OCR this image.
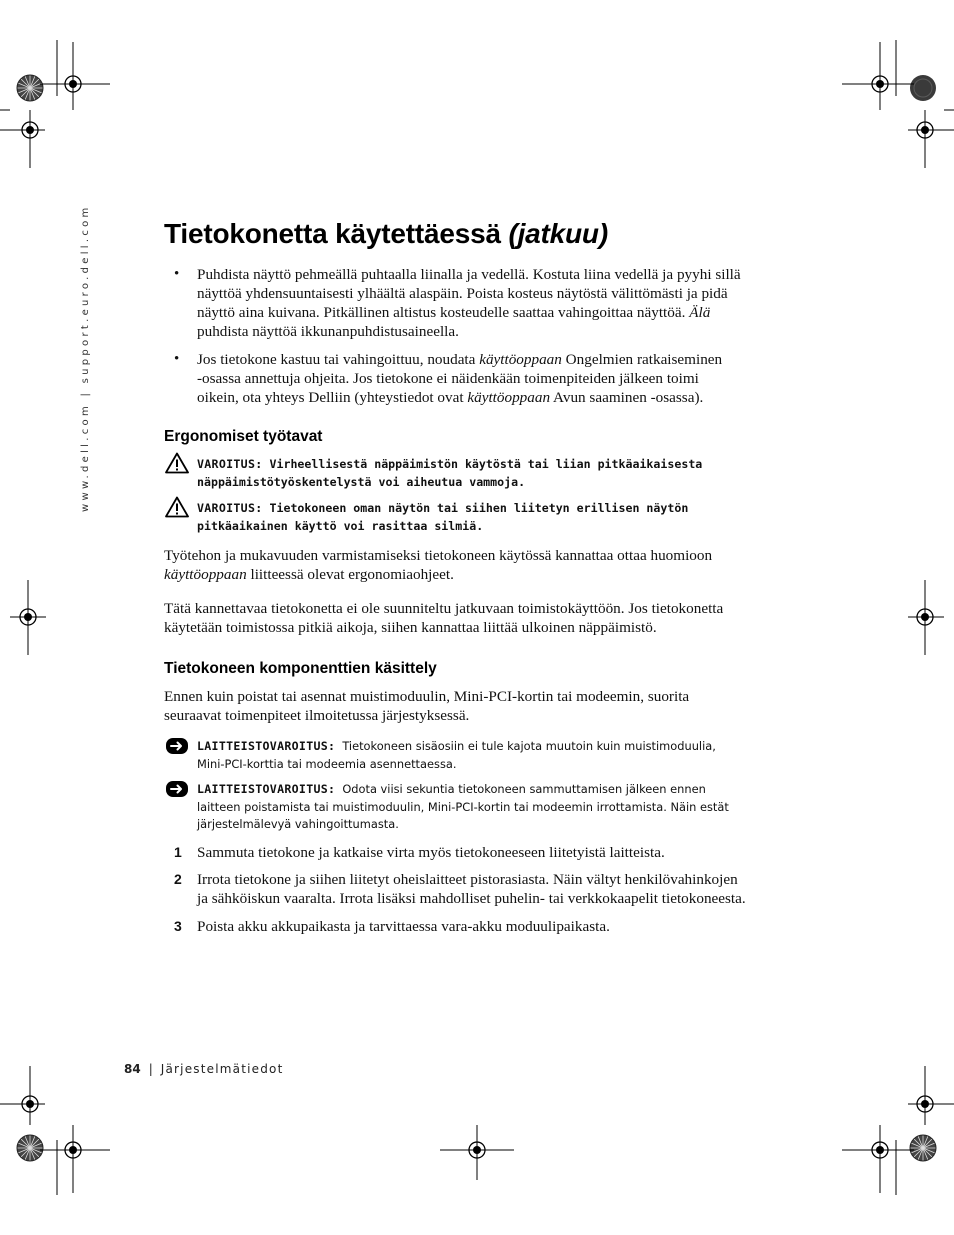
www.dell.com | support.euro.dell.com	Tietokonetta käytettäessä (jatkuu)
• Puhdista näyttö pehmeällä puhtaalla liinalla ja vedellä. Kostuta liina vedellä ja pyyhi sillä
näyttöä yhdensuuntaisesti ylhäältä alaspäin. Poista kosteus näytöstä välittömästi ja pidä
näyttö aina kuivana. Pitkällinen altistus kosteudelle saattaa vahingoittaa näyttöä. Älä
puhdista näyttöä ikkunanpuhdistusaineella.
• Jos tietokone kastuu tai vahingoittuu, noudata käyttöoppaan Ongelmien ratkaiseminen
-osassa annettuja ohjeita. Jos tietokone ei näidenkään toimenpiteiden jälkeen toimi
oikein, ota yhteys Delliin (yhteystiedot ovat käyttöoppaan Avun saaminen -osassa).
Ergonomiset työtavat
VAROITUS: Virheellisestä näppäimistön käytöstä tai liian pitkäaikaisesta
näppäimistötyöskentelystä voi aiheutua vammoja.
VAROITUS: Tietokoneen oman näytön tai siihen liitetyn erillisen näytön
pitkäaikainen käyttö voi rasittaa silmiä.
Työtehon ja mukavuuden varmistamiseksi tietokoneen käytössä kannattaa ottaa huomioon
käyttöoppaan liitteessä olevat ergonomiaohjeet.
Tätä kannettavaa tietokonetta ei ole suunniteltu jatkuvaan toimistokäyttöön. Jos tietokonetta
käytetään toimistossa pitkiä aikoja, siihen kannattaa liittää ulkoinen näppäimistö.
Tietokoneen komponenttien käsittely
Ennen kuin poistat tai asennat muistimoduulin, Mini-PCI-kortin tai modeemin, suorita
seuraavat toimenpiteet ilmoitetussa järjestyksessä.
LAITTEISTOVAROITUS: Tietokoneen sisäosiin ei tule kajota muutoin kuin muistimoduulia,
Mini-PCI-korttia tai modeemia asennettaessa.
LAITTEISTOVAROITUS: Odota viisi sekuntia tietokoneen sammuttamisen jälkeen ennen
laitteen poistamista tai muistimoduulin, Mini-PCI-kortin tai modeemin irrottamista. Näin estät
järjestelmälevyä vahingoittumasta.
1 Sammuta tietokone ja katkaise virta myös tietokoneeseen liitetyistä laitteista.
2 Irrota tietokone ja siihen liitetyt oheislaitteet pistorasiasta. Näin vältyt henkilövahinkojen
ja sähköiskun vaaralta. Irrota lisäksi mahdolliset puhelin- tai verkkokaapelit tietokoneesta.
3 Poista akku akkupaikasta ja tarvittaessa vara-akku moduulipaikasta.
84 | Järjestelmätiedot
